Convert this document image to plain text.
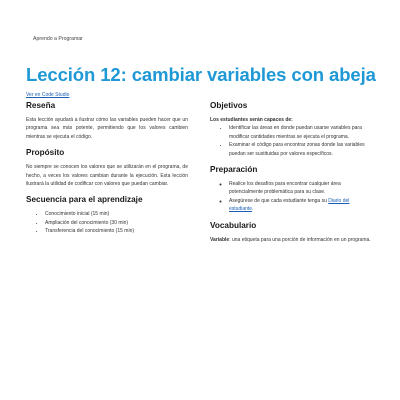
Aprendo a Programar
Lección 12: cambiar variables con abeja
Ver en Code Studio
Reseña

Esta lección ayudará a ilustrar cómo las variables pueden hacer que un programa sea más potente, permitiendo que los valores cambien mientras se ejecuta el código.

Propósito

No siempre se conocen los valores que se utilizarán en el programa, de hecho, a veces los valores cambian durante la ejecución. Esta lección ilustrará la utilidad de codificar con valores que puedan cambiar.

Secuencia para el aprendizaje
• Conocimiento inicial (15 min)
• Ampliación del conocimiento (30 min)
• Transferencia del conocimiento (15 min)
Objetivos

Los estudiantes serán capaces de:

• Identificar las áreas en donde puedan usarse variables para modificar cantidades mientras se ejecuta el programa.
• Examinar el código para encontrar zonas donde las variables puedan ser sustituidas por valores específicos.
Preparación
◦ Realice los desafíos para encontrar cualquier área potencialmente problemática para su clase.
◦ Asegúrese de que cada estudiante tenga su Diario del estudiante.
Vocabulario

Variable: una etiqueta para una porción de información en un programa.
